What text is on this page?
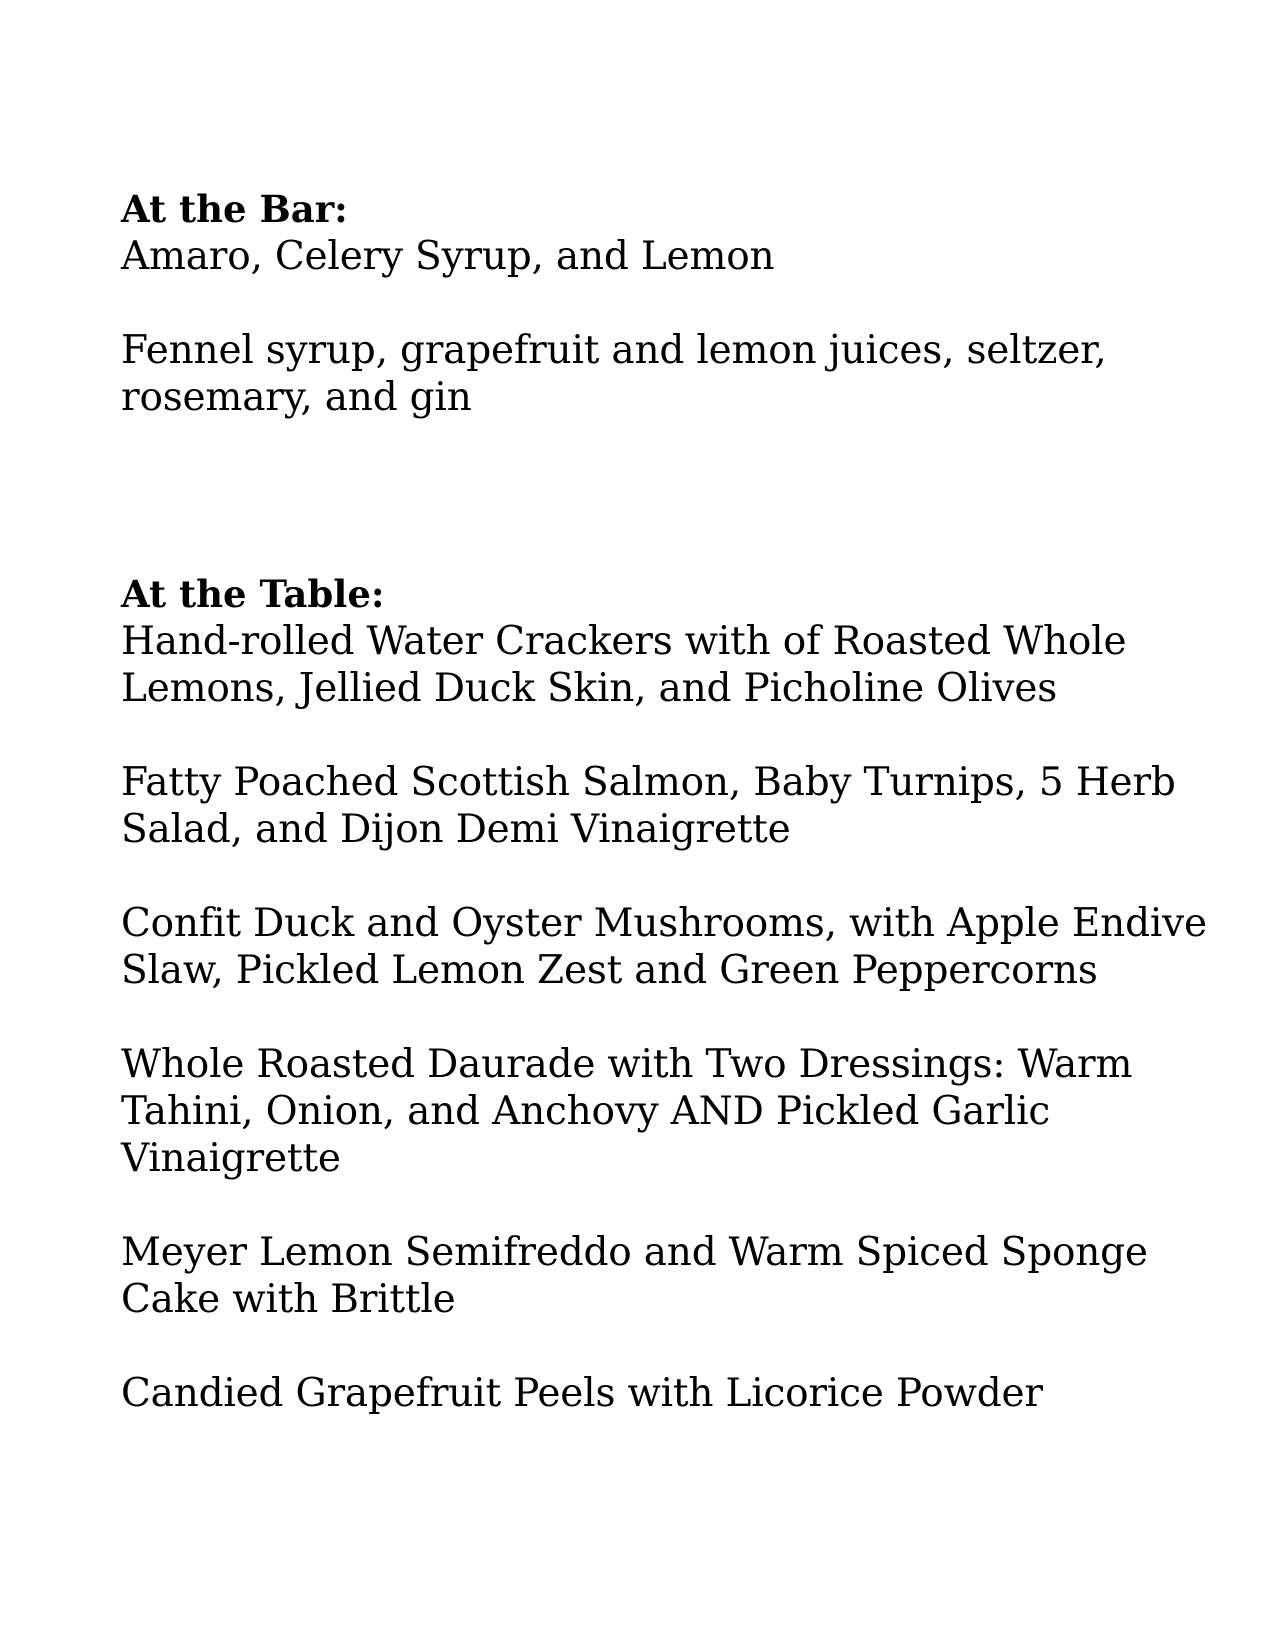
At the Bar:

Amaro, Celery Syrup, and Lemon

Fennel syrup, grapefruit and lemon juices, seltzer, rosemary, and gin

At the Table:

Hand-rolled Water Crackers with of Roasted Whole Lemons, Jellied Duck Skin, and Picholine Olives

Fatty Poached Scottish Salmon, Baby Turnips, 5 Herb Salad, and Dijon Demi Vinaigrette

Confit Duck and Oyster Mushrooms, with Apple Endive Slaw, Pickled Lemon Zest and Green Peppercorns

Whole Roasted Daurade with Two Dressings: Warm Tahini, Onion, and Anchovy AND Pickled Garlic Vinaigrette

Meyer Lemon Semifreddo and Warm Spiced Sponge Cake with Brittle

Candied Grapefruit Peels with Licorice Powder
